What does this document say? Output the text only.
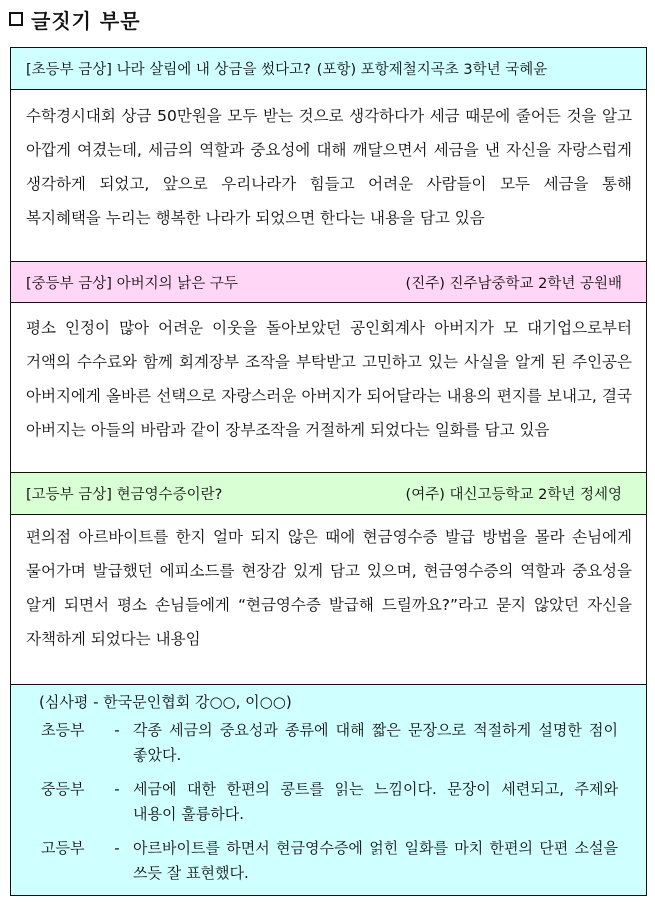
글짓기 부문
[초등부 금상] 나라 살림에 내 상금을 썼다고? (포항) 포항제철지곡초 3학년 국혜윤
수학경시대회 상금 50만원을 모두 받는 것으로 생각하다가 세금 때문에 줄어든 것을 알고 아깝게 여겼는데, 세금의 역할과 중요성에 대해 깨달으면서 세금을 낸 자신을 자랑스럽게 생각하게 되었고, 앞으로 우리나라가 힘들고 어려운 사람들이 모두 세금을 통해 복지혜택을 누리는 행복한 나라가 되었으면 한다는 내용을 담고 있음
[중등부 금상] 아버지의 낡은 구두	(진주) 진주남중학교 2학년 공원배
평소 인정이 많아 어려운 이웃을 돌아보았던 공인회계사 아버지가 모 대기업으로부터 거액의 수수료와 함께 회계장부 조작을 부탁받고 고민하고 있는 사실을 알게 된 주인공은 아버지에게 올바른 선택으로 자랑스러운 아버지가 되어달라는 내용의 편지를 보내고, 결국 아버지는 아들의 바람과 같이 장부조작을 거절하게 되었다는 일화를 담고 있음
[고등부 금상] 현금영수증이란?	(여주) 대신고등학교 2학년 정세영
편의점 아르바이트를 한지 얼마 되지 않은 때에 현금영수증 발급 방법을 몰라 손님에게 물어가며 발급했던 에피소드를 현장감 있게 담고 있으며, 현금영수증의 역할과 중요성을 알게 되면서 평소 손님들에게 “현금영수증 발급해 드릴까요?”라고 묻지 않았던 자신을 자책하게 되었다는 내용임
(심사평 - 한국문인협회 강○○, 이○○)
초등부	- 각종 세금의 중요성과 종류에 대해 짧은 문장으로 적절하게 설명한 점이 좋았다.
중등부	- 세금에 대한 한편의 콩트를 읽는 느낌이다. 문장이 세련되고, 주제와 내용이 훌륭하다.
고등부	- 아르바이트를 하면서 현금영수증에 얽힌 일화를 마치 한편의 단편 소설을 쓰듯 잘 표현했다.
